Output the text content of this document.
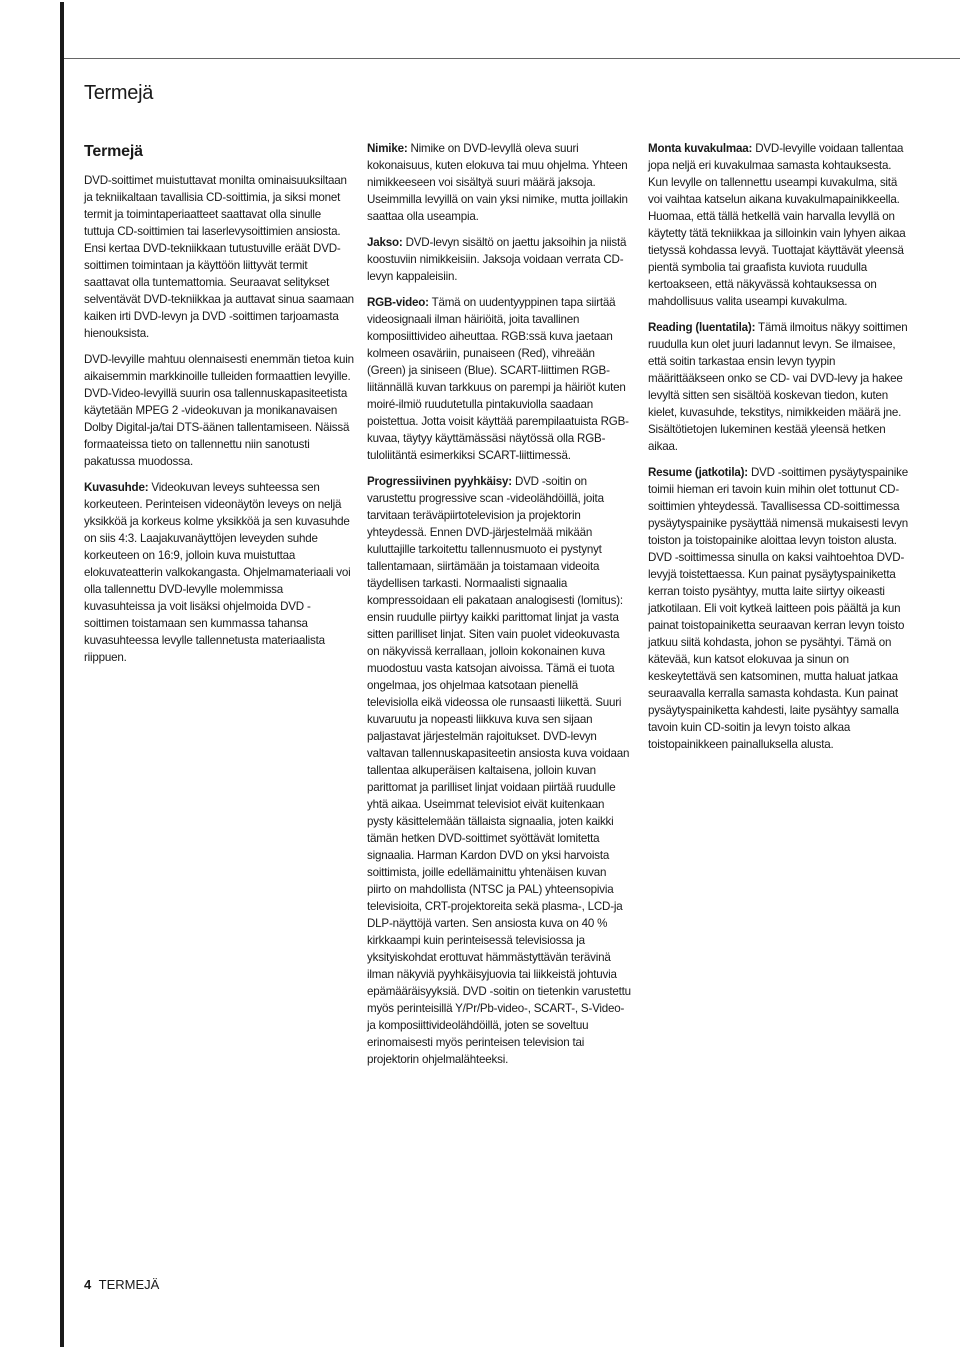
Termejä
Termejä

DVD-soittimet muistuttavat monilta ominaisuuksiltaan ja tekniikaltaan tavallisia CD-soittimia, ja siksi monet termit ja toimintaperiaatteet saattavat olla sinulle tuttuja CD-soittimien tai laserlevysoittimien ansiosta. Ensi kertaa DVD-tekniikkaan tutustuville eräät DVD-soittimen toimintaan ja käyttöön liittyvät termit saattavat olla tuntemattomia. Seuraavat selitykset selventävät DVD-tekniikkaa ja auttavat sinua saamaan kaiken irti DVD-levyn ja DVD -soittimen tarjoamasta hienouksista.

DVD-levyille mahtuu olennaisesti enemmän tietoa kuin aikaisemmin markkinoille tulleiden formaattien levyille. DVD-Video-levyillä suurin osa tallennuskapasiteetista käytetään MPEG 2 -videokuvan ja monikanavaisen Dolby Digital-ja/tai DTS-äänen tallentamiseen. Näissä formaateissa tieto on tallennettu niin sanotusti pakatussa muodossa.

Kuvasuhde: Videokuvan leveys suhteessa sen korkeuteen. Perinteisen videonäytön leveys on neljä yksikköä ja korkeus kolme yksikköä ja sen kuvasuhde on siis 4:3. Laajakuvanäyttöjen leveyden suhde korkeuteen on 16:9, jolloin kuva muistuttaa elokuvateatterin valkokangasta. Ohjelmamateriaali voi olla tallennettu DVD-levylle molemmissa kuvasuhteissa ja voit lisäksi ohjelmoida DVD -soittimen toistamaan sen kummassa tahansa kuvasuhteessa levylle tallennetusta materiaalista riippuen.

Nimike: Nimike on DVD-levyllä oleva suuri kokonaisuus, kuten elokuva tai muu ohjelma. Yhteen nimikkeeseen voi sisältyä suuri määrä jaksoja. Useimmilla levyillä on vain yksi nimike, mutta joillakin saattaa olla useampia.

Jakso: DVD-levyn sisältö on jaettu jaksoihin ja niistä koostuviin nimikkeisiin. Jaksoja voidaan verrata CD-levyn kappaleisiin.

RGB-video: Tämä on uudentyyppinen tapa siirtää videosignaali ilman häiriöitä, joita tavallinen komposiittivideo aiheuttaa. RGB:ssä kuva jaetaan kolmeen osaväriin, punaiseen (Red), vihreään (Green) ja siniseen (Blue). SCART-liittimen RGB-liitännällä kuvan tarkkuus on parempi ja häiriöt kuten moiré-ilmiö ruudutetulla pintakuviolla saadaan poistettua. Jotta voisit käyttää parempilaatuista RGB-kuvaa, täytyy käyttämässäsi näytössä olla RGB-tuloliitäntä esimerkiksi SCART-liittimessä.

Progressiivinen pyyhkäisy: DVD -soitin on varustettu progressive scan -videolähdöillä, joita tarvitaan teräväpiirtotelevision ja projektorin yhteydessä. Ennen DVD-järjestelmää mikään kuluttajille tarkoitettu tallennusmuoto ei pystynyt tallentamaan, siirtämään ja toistamaan videoita täydellisen tarkasti. Normaalisti signaalia kompressoidaan eli pakataan analogisesti (lomitus): ensin ruudulle piirtyy kaikki parittomat linjat ja vasta sitten parilliset linjat. Siten vain puolet videokuvasta on näkyvissä kerrallaan, jolloin kokonainen kuva muodostuu vasta katsojan aivoissa. Tämä ei tuota ongelmaa, jos ohjelmaa katsotaan pienellä televisiolla eikä videossa ole runsaasti liikettä. Suuri kuvaruutu ja nopeasti liikkuva kuva sen sijaan paljastavat järjestelmän rajoitukset. DVD-levyn valtavan tallennuskapasiteetin ansiosta kuva voidaan tallentaa alkuperäisen kaltaisena, jolloin kuvan parittomat ja parilliset linjat voidaan piirtää ruudulle yhtä aikaa. Useimmat televisiot eivät kuitenkaan pysty käsittelemään tällaista signaalia, joten kaikki tämän hetken DVD-soittimet syöttävät lomitetta signaalia. Harman Kardon DVD on yksi harvoista soittimista, joille edellämainittu yhtenäisen kuvan piirto on mahdollista (NTSC ja PAL) yhteensopivia televisioita, CRT-projektoreita sekä plasma-, LCD-ja DLP-näyttöjä varten. Sen ansiosta kuva on 40 % kirkkaampi kuin perinteisessä televisiossa ja yksityiskohdat erottuvat hämmästyttävän terävinä ilman näkyviä pyyhkäisyjuovia tai liikkeistä johtuvia epämääräisyyksiä. DVD -soitin on tietenkin varustettu myös perinteisillä Y/Pr/Pb-video-, SCART-, S-Video- ja komposiittivideolähdöillä, joten se soveltuu erinomaisesti myös perinteisen television tai projektorin ohjelmalähteeksi.

Monta kuvakulmaa: DVD-levyille voidaan tallentaa jopa neljä eri kuvakulmaa samasta kohtauksesta. Kun levylle on tallennettu useampi kuvakulma, sitä voi vaihtaa katselun aikana kuvakulmapainikkeella. Huomaa, että tällä hetkellä vain harvalla levyllä on käytetty tätä tekniikkaa ja silloinkin vain lyhyen aikaa tietyssä kohdassa levyä. Tuottajat käyttävät yleensä pientä symbolia tai graafista kuviota ruudulla kertoakseen, että näkyvässä kohtauksessa on mahdollisuus valita useampi kuvakulma.

Reading (luentatila): Tämä ilmoitus näkyy soittimen ruudulla kun olet juuri ladannut levyn. Se ilmaisee, että soitin tarkastaa ensin levyn tyypin määrittääkseen onko se CD- vai DVD-levy ja hakee levyltä sitten sen sisältöä koskevan tiedon, kuten kielet, kuvasuhde, tekstitys, nimikkeiden määrä jne. Sisältötietojen lukeminen kestää yleensä hetken aikaa.

Resume (jatkotila): DVD -soittimen pysäytyspainike toimii hieman eri tavoin kuin mihin olet tottunut CD-soittimien yhteydessä. Tavallisessa CD-soittimessa pysäytyspainike pysäyttää nimensä mukaisesti levyn toiston ja toistopainike aloittaa levyn toiston alusta. DVD -soittimessa sinulla on kaksi vaihtoehtoa DVD-levyjä toistettaessa. Kun painat pysäytyspainiketta kerran toisto pysähtyy, mutta laite siirtyy oikeasti jatkotilaan. Eli voit kytkeä laitteen pois päältä ja kun painat toistopainiketta seuraavan kerran levyn toisto jatkuu siitä kohdasta, johon se pysähtyi. Tämä on kätevää, kun katsot elokuvaa ja sinun on keskeytettävä sen katsominen, mutta haluat jatkaa seuraavalla kerralla samasta kohdasta. Kun painat pysäytyspainiketta kahdesti, laite pysähtyy samalla tavoin kuin CD-soitin ja levyn toisto alkaa toistopainikkeen painalluksella alusta.

4 TERMEJÄ
